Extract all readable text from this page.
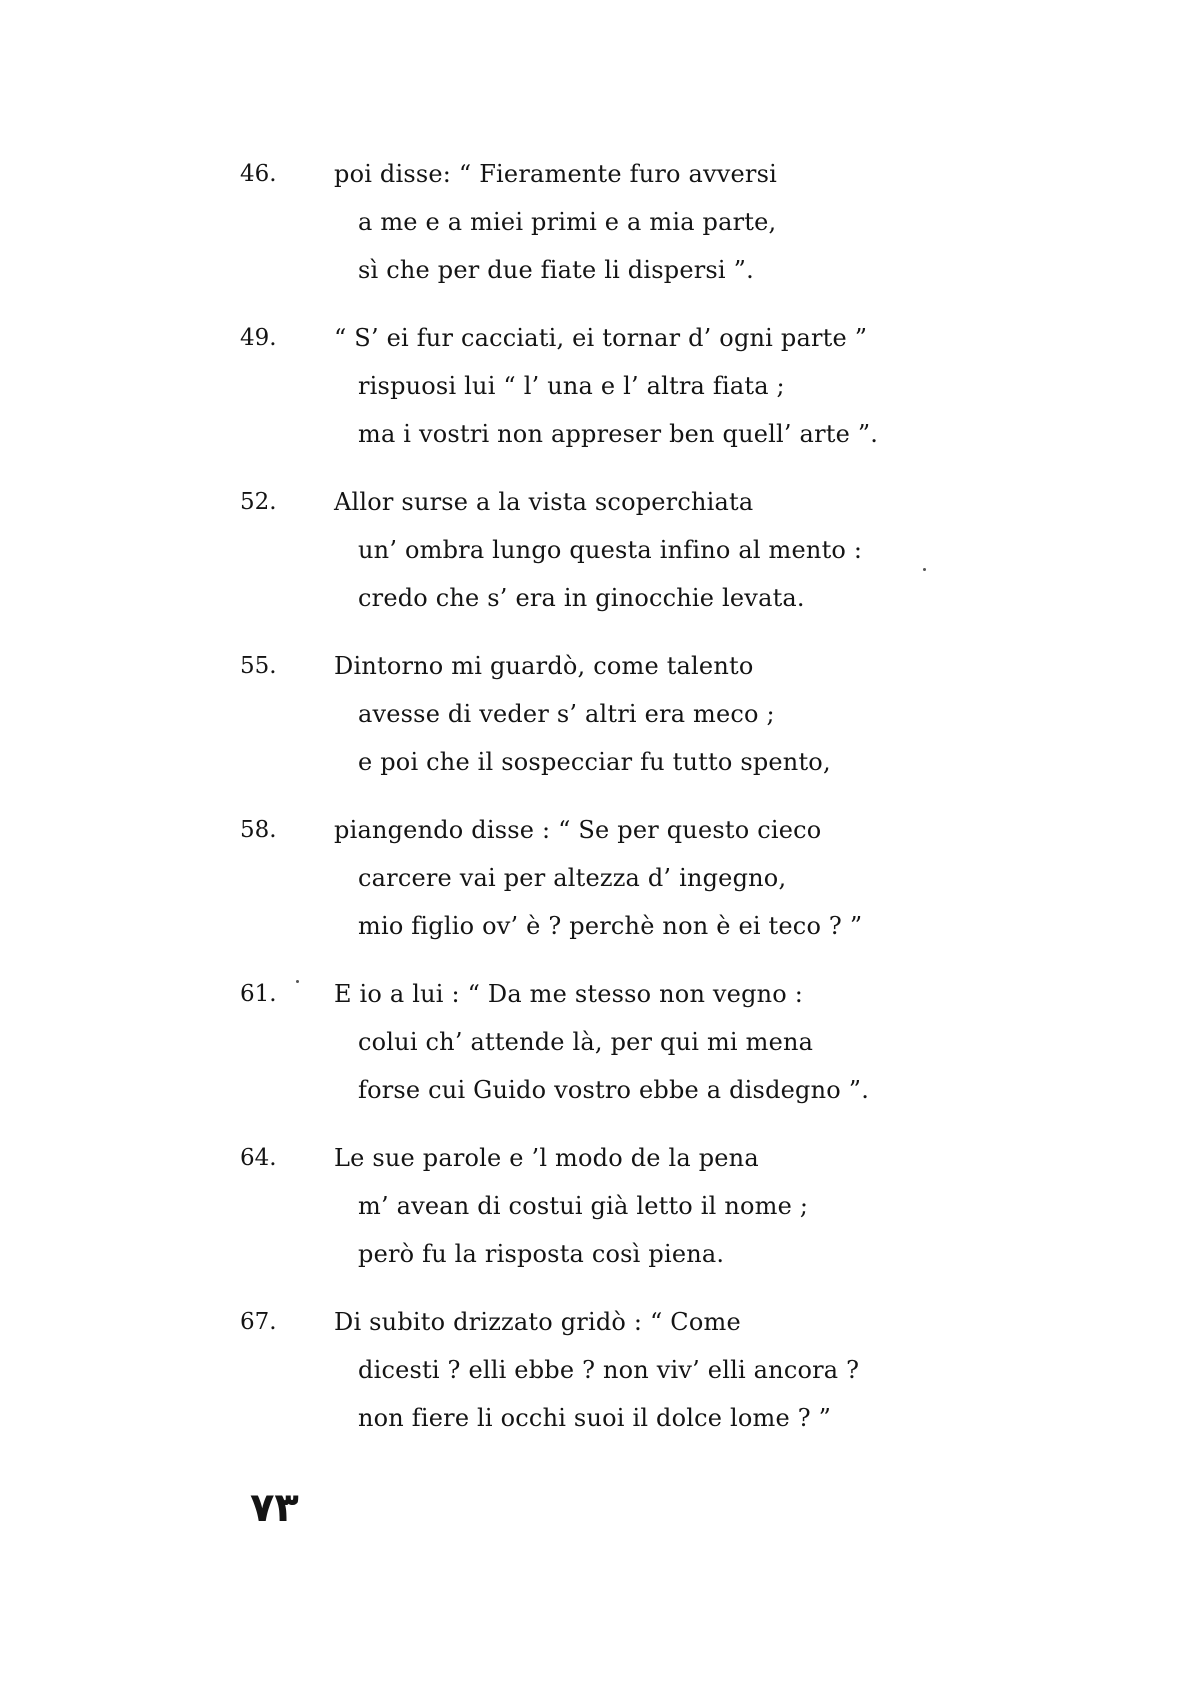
46.	poi disse: “ Fieramente furo avversi
a me e a miei primi e a mia parte,
sì che per due fiate li dispersi ”.
49.	“ S’ ei fur cacciati, ei tornar d’ ogni parte ”
rispuosi lui “ l’ una e l’ altra fiata ;
ma i vostri non appreser ben quell’ arte ”.
52.	Allor surse a la vista scoperchiata
un’ ombra lungo questa infino al mento :
credo che s’ era in ginocchie levata.
55.	Dintorno mi guardò, come talento
avesse di veder s’ altri era meco ;
e poi che il sospecciar fu tutto spento,
58.	piangendo disse : “ Se per questo cieco
carcere vai per altezza d’ ingegno,
mio figlio ov’ è ? perchè non è ei teco ? ”
61.	E io a lui : “ Da me stesso non vegno :
colui ch’ attende là, per qui mi mena
forse cui Guido vostro ebbe a disdegno ”.
64.	Le sue parole e ’l modo de la pena
m’ avean di costui già letto il nome ;
però fu la risposta così piena.
67.	Di subito drizzato gridò : “ Come
dicesti ? elli ebbe ? non viv’ elli ancora ?
non fiere li occhi suoi il dolce lome ? ”
٧٣
